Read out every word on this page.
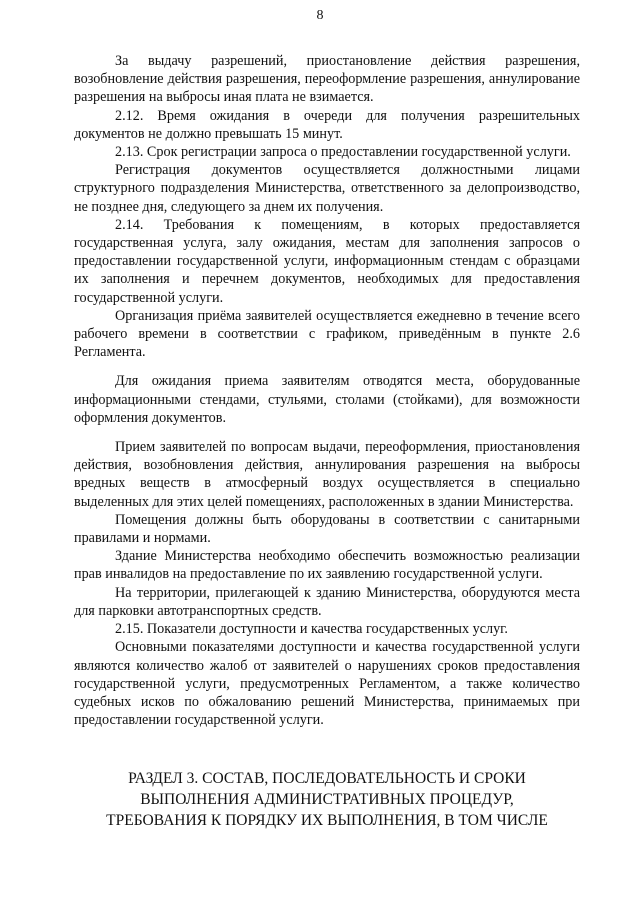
8

За выдачу разрешений, приостановление действия разрешения, возобновление действия разрешения, переоформление разрешения, аннулирование разрешения на выбросы иная плата не взимается.

2.12. Время ожидания в очереди для получения разрешительных документов не должно превышать 15 минут.

2.13. Срок регистрации запроса о предоставлении государственной услуги.

Регистрация документов осуществляется должностными лицами структурного подразделения Министерства, ответственного за делопроизводство, не позднее дня, следующего за днем их получения.

2.14. Требования к помещениям, в которых предоставляется государственная услуга, залу ожидания, местам для заполнения запросов о предоставлении государственной услуги, информационным стендам с образцами их заполнения и перечнем документов, необходимых для предоставления государственной услуги.

Организация приёма заявителей осуществляется ежедневно в течение всего рабочего времени в соответствии с графиком, приведённым в пункте 2.6 Регламента.

Для ожидания приема заявителям отводятся места, оборудованные информационными стендами, стульями, столами (стойками), для возможности оформления документов.

Прием заявителей по вопросам выдачи, переоформления, приостановления действия, возобновления действия, аннулирования разрешения на выбросы вредных веществ в атмосферный воздух осуществляется в специально выделенных для этих целей помещениях, расположенных в здании Министерства.

Помещения должны быть оборудованы в соответствии с санитарными правилами и нормами.

Здание Министерства необходимо обеспечить возможностью реализации прав инвалидов на предоставление по их заявлению государственной услуги.

На территории, прилегающей к зданию Министерства, оборудуются места для парковки автотранспортных средств.

2.15. Показатели доступности и качества государственных услуг.

Основными показателями доступности и качества государственной услуги являются количество жалоб от заявителей о нарушениях сроков предоставления государственной услуги, предусмотренных Регламентом, а также количество судебных исков по обжалованию решений Министерства, принимаемых при предоставлении государственной услуги.

РАЗДЕЛ 3. СОСТАВ, ПОСЛЕДОВАТЕЛЬНОСТЬ И СРОКИ
ВЫПОЛНЕНИЯ АДМИНИСТРАТИВНЫХ ПРОЦЕДУР,
ТРЕБОВАНИЯ К ПОРЯДКУ ИХ ВЫПОЛНЕНИЯ, В ТОМ ЧИСЛЕ
